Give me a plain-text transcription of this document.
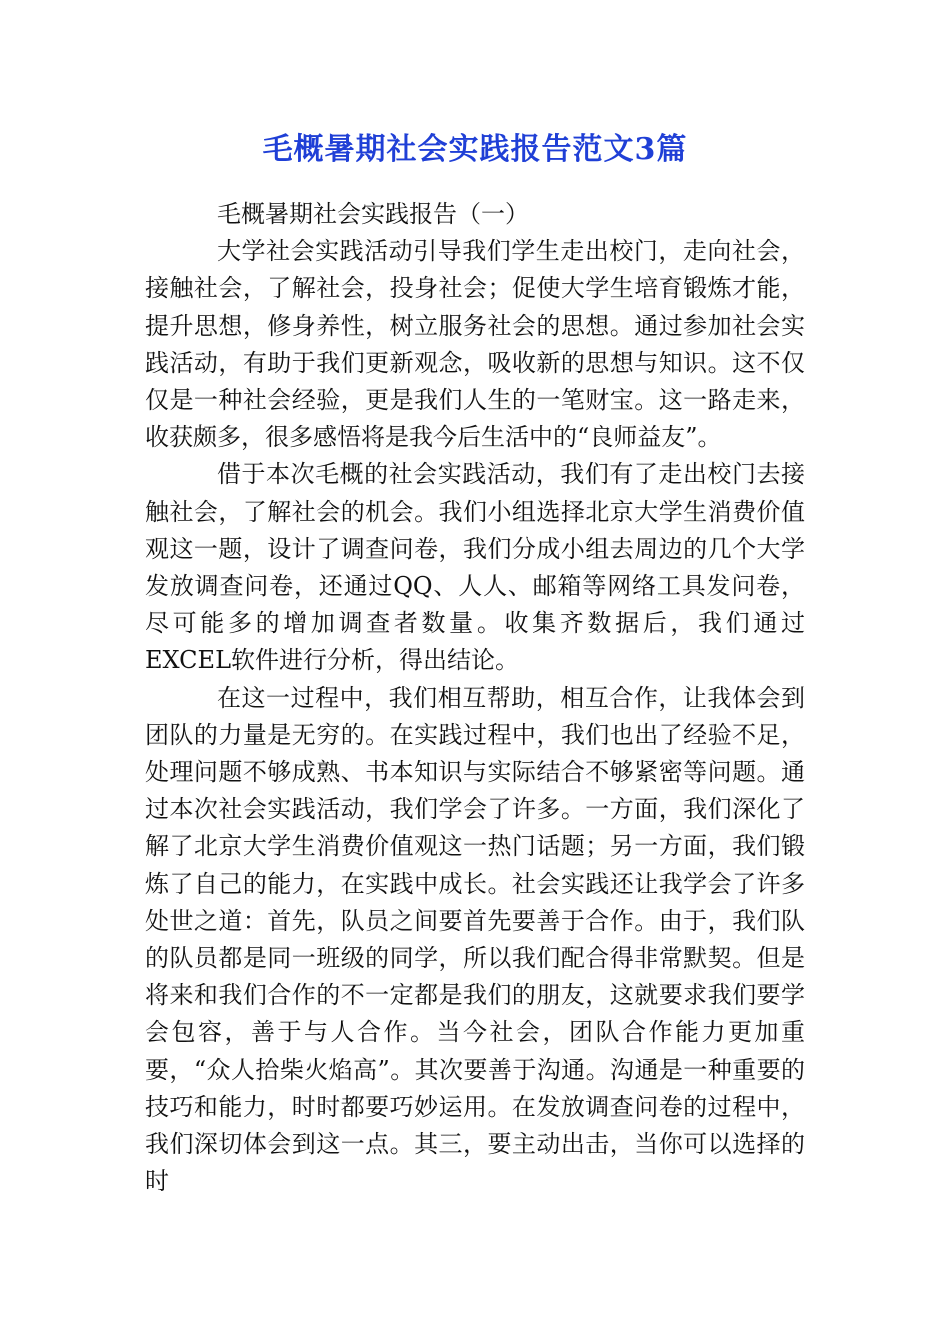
毛概暑期社会实践报告范文3篇

毛概暑期社会实践报告（一）

大学社会实践活动引导我们学生走出校门，走向社会，接触社会，了解社会，投身社会；促使大学生培育锻炼才能，提升思想，修身养性，树立服务社会的思想。通过参加社会实践活动，有助于我们更新观念，吸收新的思想与知识。这不仅仅是一种社会经验，更是我们人生的一笔财宝。这一路走来，收获颇多，很多感悟将是我今后生活中的“良师益友”。

借于本次毛概的社会实践活动，我们有了走出校门去接触社会，了解社会的机会。我们小组选择北京大学生消费价值观这一题，设计了调查问卷，我们分成小组去周边的几个大学发放调查问卷，还通过QQ、人人、邮箱等网络工具发问卷，尽可能多的增加调查者数量。收集齐数据后，我们通过EXCEL软件进行分析，得出结论。

在这一过程中，我们相互帮助，相互合作，让我体会到团队的力量是无穷的。在实践过程中，我们也出了经验不足，处理问题不够成熟、书本知识与实际结合不够紧密等问题。通过本次社会实践活动，我们学会了许多。一方面，我们深化了解了北京大学生消费价值观这一热门话题；另一方面，我们锻炼了自己的能力，在实践中成长。社会实践还让我学会了许多处世之道：首先，队员之间要首先要善于合作。由于，我们队的队员都是同一班级的同学，所以我们配合得非常默契。但是将来和我们合作的不一定都是我们的朋友，这就要求我们要学会包容，善于与人合作。当今社会，团队合作能力更加重要，“众人拾柴火焰高”。其次要善于沟通。沟通是一种重要的技巧和能力，时时都要巧妙运用。在发放调查问卷的过程中，我们深切体会到这一点。其三，要主动出击，当你可以选择的时
